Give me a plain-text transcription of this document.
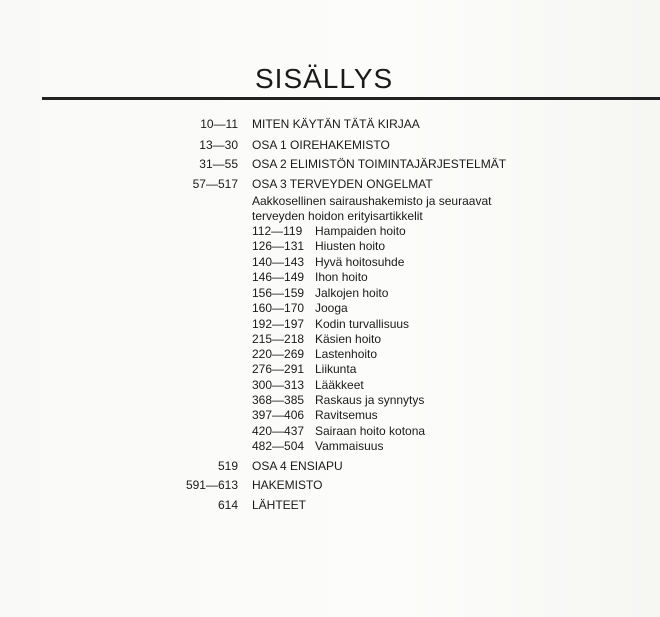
SISÄLLYS
10—11 MITEN KÄYTÄN TÄTÄ KIRJAA
13—30 OSA 1 OIREHAKEMISTO
31—55 OSA 2 ELIMISTÖN TOIMINTAJÄRJESTELMÄT
57—517 OSA 3 TERVEYDEN ONGELMAT
Aakkosellinen sairaushakemisto ja seuraavat
terveyden hoidon erityisartikkelit
112—119 Hampaiden hoito
126—131 Hiusten hoito
140—143 Hyvä hoitosuhde
146—149 Ihon hoito
156—159 Jalkojen hoito
160—170 Jooga
192—197 Kodin turvallisuus
215—218 Käsien hoito
220—269 Lastenhoito
276—291 Liikunta
300—313 Lääkkeet
368—385 Raskaus ja synnytys
397—406 Ravitsemus
420—437 Sairaan hoito kotona
482—504 Vammaisuus
519 OSA 4 ENSIAPU
591—613 HAKEMISTO
614 LÄHTEET
